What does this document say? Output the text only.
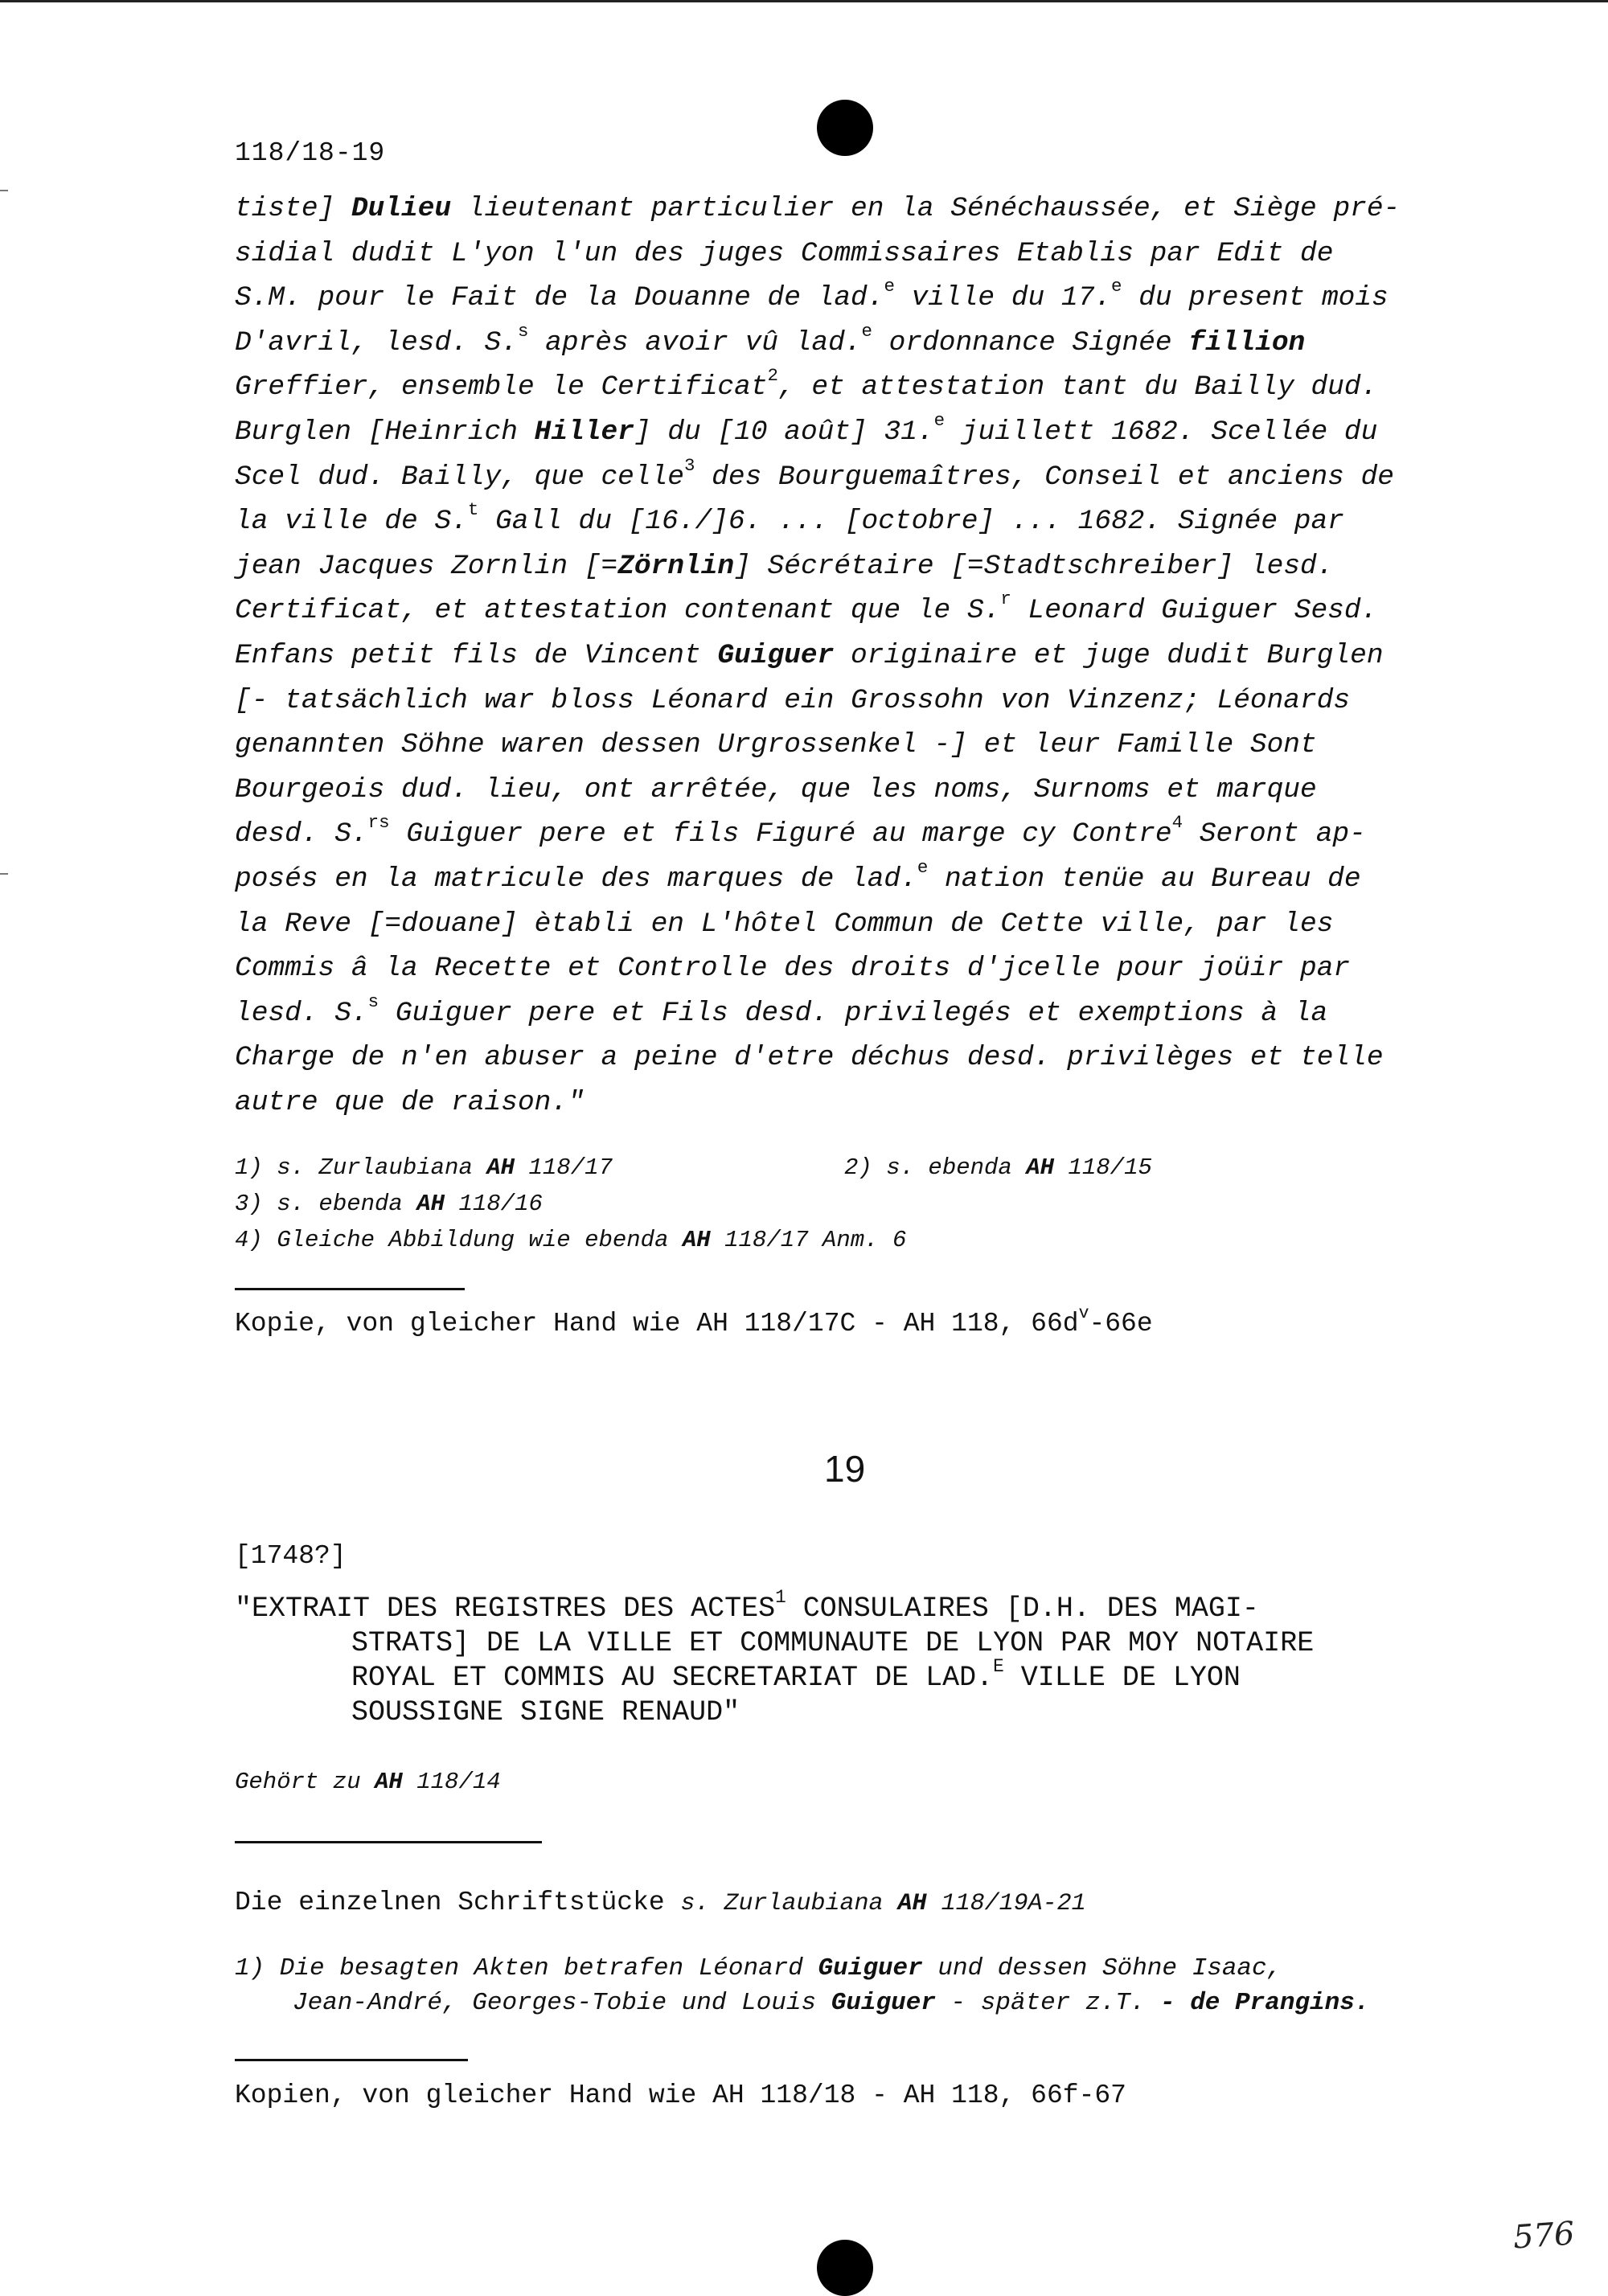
118/18-19
tiste] Dulieu lieutenant particulier en la Sénéchaussée, et Siège pré-
sidial dudit L'yon l'un des juges Commissaires Etablis par Edit de
S.M. pour le Fait de la Douanne de lad.$^e$ ville du 17.$^e$ du present mois
D'avril, lesd. S.$^s$ après avoir vû lad.$^e$ ordonnance Signée fillion
Greffier, ensemble le Certificat$^2$, et attestation tant du Bailly dud.
Burglen [Heinrich Hiller] du [10 août] 31.$^e$ juillett 1682. Scellée du
Scel dud. Bailly, que celle$^3$ des Bourguemaîtres, Conseil et anciens de
la ville de S.$^t$ Gall du [16./]6. ... [octobre] ... 1682. Signée par
jean Jacques Zornlin [=Zörnlin] Sécrétaire [=Stadtschreiber] lesd.
Certificat, et attestation contenant que le S.$^r$ Leonard Guiguer Sesd.
Enfans petit fils de Vincent Guiguer originaire et juge dudit Burglen
[- tatsächlich war bloss Léonard ein Grossohn von Vinzenz; Léonards
genannten Söhne waren dessen Urgrossenkel -] et leur Famille Sont
Bourgeois dud. lieu, ont arrêtée, que les noms, Surnoms et marque
desd. S.$^{rs}$ Guiguer pere et fils Figuré au marge cy Contre$^4$ Seront ap-
posés en la matricule des marques de lad.$^e$ nation tenüe au Bureau de
la Reve [=douane] ètabli en L'hôtel Commun de Cette ville, par les
Commis â la Recette et Controlle des droits d'jcelle pour joüir par
lesd. S.$^s$ Guiguer pere et Fils desd. privilegés et exemptions à la
Charge de n'en abuser a peine d'etre déchus desd. privilèges et telle
autre que de raison."
1) s. Zurlaubiana AH 118/17	2) s. ebenda AH 118/15
3) s. ebenda AH 118/16
4) Gleiche Abbildung wie ebenda AH 118/17 Anm. 6
Kopie, von gleicher Hand wie AH 118/17C - AH 118, $66d^v-66e$
19
[1748?]
"EXTRAIT DES REGISTRES DES ACTES$^1$ CONSULAIRES [D.H. DES MAGI-
STRATS] DE LA VILLE ET COMMUNAUTE DE LYON PAR MOY NOTAIRE
ROYAL ET COMMIS AU SECRETARIAT DE LAD.$^E$ VILLE DE LYON
SOUSSIGNE SIGNE RENAUD"
Gehört zu AH 118/14
Die einzelnen Schriftstücke s. Zurlaubiana AH 118/19A-21
1) Die besagten Akten betrafen Léonard Guiguer und dessen Söhne Isaac,
Jean-André, Georges-Tobie und Louis Guiguer - später z.T. - de Prangins.
Kopien, von gleicher Hand wie AH 118/18 - AH 118, 66f-67
576
